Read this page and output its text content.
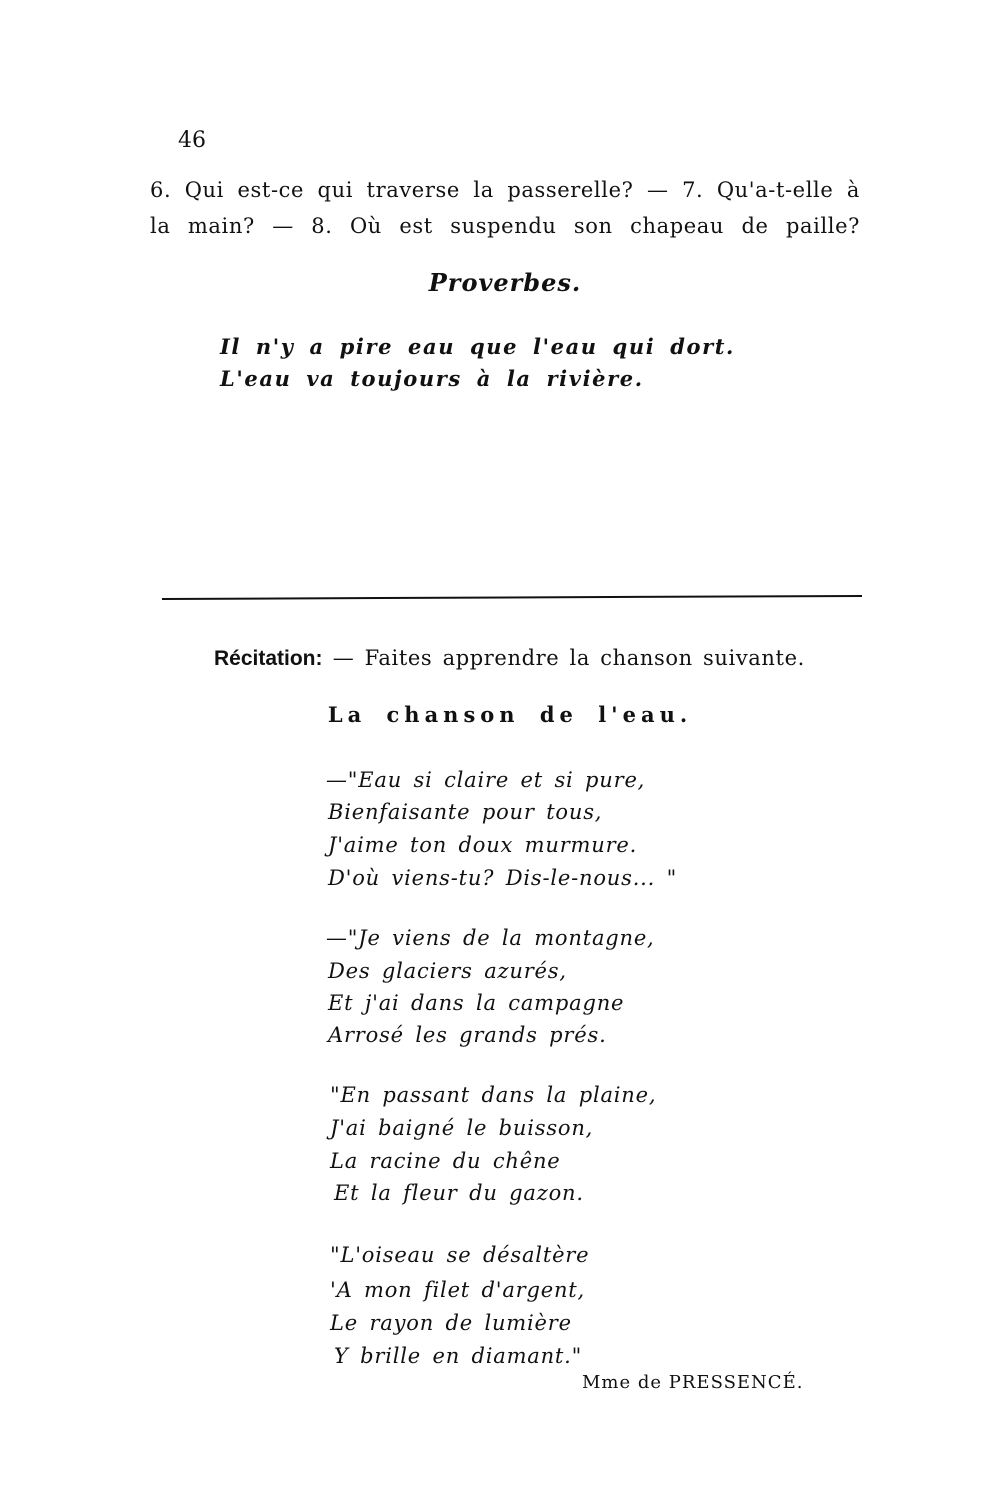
46
6. Qui est-ce qui traverse la passerelle? — 7. Qu'a-t-elle à
la main? — 8. Où est suspendu son chapeau de paille?
Proverbes.
Il n'y a pire eau que l'eau qui dort.
L'eau va toujours à la rivière.
Récitation: — Faites apprendre la chanson suivante.
La chanson de l'eau.
—"Eau si claire et si pure,
Bienfaisante pour tous,
J'aime ton doux murmure.
D'où viens-tu? Dis-le-nous... "
—"Je viens de la montagne,
Des glaciers azurés,
Et j'ai dans la campagne
Arrosé les grands prés.
"En passant dans la plaine,
J'ai baigné le buisson,
La racine du chêne
Et la fleur du gazon.
"L'oiseau se désaltère
'A mon filet d'argent,
Le rayon de lumière
Y brille en diamant."
Mme de PRESSENCÉ.
